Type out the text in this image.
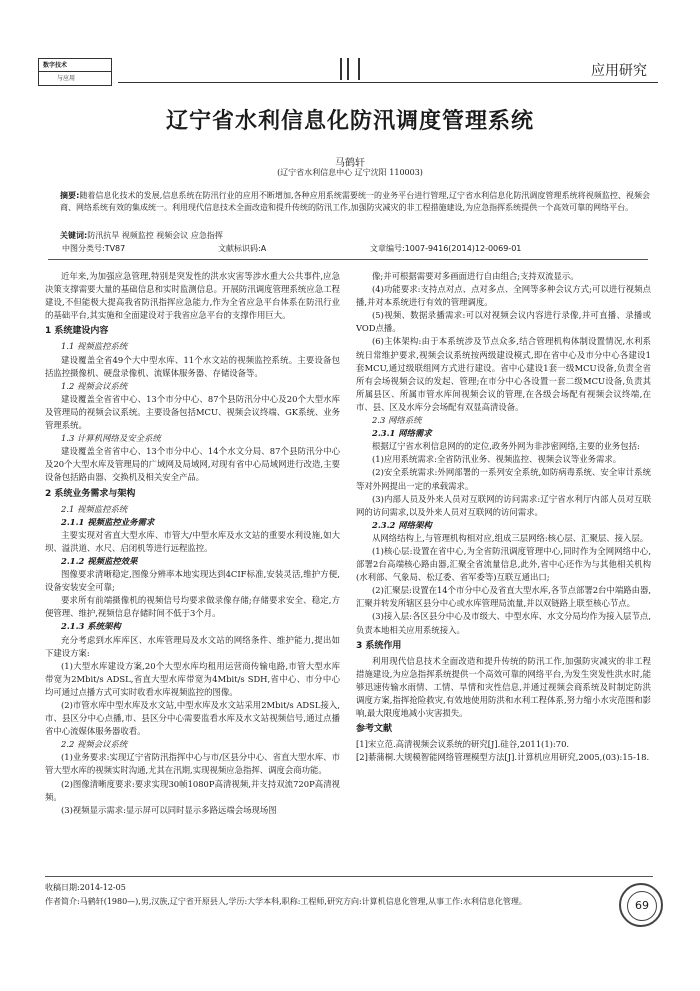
数字技术
与应用	应用研究
辽宁省水利信息化防汛调度管理系统
马鹤轩
(辽宁省水利信息中心 辽宁沈阳 110003)
摘要:随着信息化技术的发展,信息系统在防汛行业的应用不断增加,各种应用系统需要统一的业务平台进行管理,辽宁省水利信息化防汛调度管理系统将视频监控、视频会商、网络系统有效的集成统一。利用现代信息技术全面改造和提升传统的防汛工作,加强防灾减灾的非工程措施建设,为应急指挥系统提供一个高效可靠的网络平台。
关键词:防汛抗旱 视频监控 视频会议 应急指挥
中图分类号:TV87	文献标识码:A	文章编号:1007-9416(2014)12-0069-01

近年来,为加强应急管理,特别是突发性的洪水灾害等涉水重大公共事件,应急决策支撑需要大量的基础信息和实时监测信息。开展防汛调度管理系统应急工程建设,不但能极大提高我省防汛指挥应急能力,作为全省应急平台体系在防汛行业的基础平台,其实施和全面建设对于我省应急平台的支撑作用巨大。

1 系统建设内容

1.1 视频监控系统

建设覆盖全省49个大中型水库、11个水文站的视频监控系统。主要设备包括监控摄像机、硬盘录像机、流媒体服务器、存储设备等。

1.2 视频会议系统

建设覆盖全省省中心、13个市分中心、87个县防汛分中心及20个大型水库及管理局的视频会议系统。主要设备包括MCU、视频会议终端、GK系统、业务管理系统。

1.3 计算机网络及安全系统

建设覆盖全省省中心、13个市分中心、14个水文分局、87个县防汛分中心及20个大型水库及管理局的广域网及局域网,对现有省中心局域网进行改造,主要设备包括路由器、交换机及相关安全产品。

2 系统业务需求与架构

2.1 视频监控系统

2.1.1 视频监控业务需求

主要实现对省直大型水库、市管大/中型水库及水文站的重要水利设施,如大坝、溢洪道、水尺、启闭机等进行远程监控。

2.1.2 视频监控效果

图像要求清晰稳定,图像分辨率本地实现达到4CIF标准,安装灵活,维护方便,设备安装安全可靠;

要求所有前端摄像机的视频信号均要求做录像存储;存储要求安全、稳定,方便管理、维护,视频信息存储时间不低于3个月。

2.1.3 系统架构

充分考虑到水库库区、水库管理局及水文站的网络条件、维护能力,提出如下建设方案:

(1)大型水库建设方案,20个大型水库均租用运营商传输电路,市管大型水库带宽为2Mbit/s ADSL,省直大型水库带宽为4Mbit/s SDH,省中心、市分中心均可通过点播方式可实时收看水库视频监控的图像。

(2)市管水库中型水库及水文站,中型水库及水文站采用2Mbit/s ADSL接入,市、县区分中心点播,市、县区分中心需要监看水库及水文站视频信号,通过点播省中心流媒体服务器收看。

2.2 视频会议系统

(1)业务要求:实现辽宁省防汛指挥中心与市/区县分中心、省直大型水库、市管大型水库的视频实时沟通,尤其在汛期,实现视频应急指挥、调度会商功能。

(2)图像清晰度要求:要求实现30帧1080P高清视频,并支持双流720P高清视频。

(3)视频显示需求:显示屏可以同时显示多路远端会场现场图

像;并可根据需要对多画面进行自由组合;支持双流显示。

(4)功能要求:支持点对点、点对多点、全网等多种会议方式;可以进行视频点播,并对本系统进行有效的管理调度。

(5)视频、数据录播需求:可以对视频会议内容进行录像,并可直播、录播或VOD点播。

(6)主体架构:由于本系统涉及节点众多,结合管理机构体制设置情况,水利系统日常维护要求,视频会议系统按两级建设模式,即在省中心及市分中心各建设1套MCU,通过级联组网方式进行建设。省中心建设1套一级MCU设备,负责全省所有会场视频会议的发起、管理;在市分中心各设置一套二级MCU设备,负责其所属县区、所属市管水库间视频会议的管理,在各级会场配有视频会议终端,在市、县、区及水库分会场配有双显高清设备。

2.3 网络系统

2.3.1 网络需求

根据辽宁省水利信息网的的定位,政务外网为非涉密网络,主要的业务包括:

(1)应用系统需求:全省防汛业务、视频监控、视频会议等业务需求。

(2)安全系统需求:外网部署的一系列安全系统,如防病毒系统、安全审计系统等对外网提出一定的承载需求。

(3)内部人员及外来人员对互联网的访问需求:辽宁省水利厅内部人员对互联网的访问需求,以及外来人员对互联网的访问需求。

2.3.2 网络架构

从网络结构上,与管理机构相对应,组成三层网络:核心层、汇聚层、接入层。

(1)核心层:设置在省中心,为全省防汛调度管理中心,同时作为全网网络中心,部署2台高端核心路由器,汇聚全省流量信息,此外,省中心还作为与其他相关机构(水利部、气象局、松辽委、省军委等)互联互通出口;

(2)汇聚层:设置在14个市分中心及省直大型水库,各节点部署2台中端路由器,汇聚并转发所辖区县分中心或水库管理局流量,并以双链路上联至核心节点。

(3)接入层:各区县分中心及市级大、中型水库、水文分局均作为接入层节点,负责本地相关应用系统接入。

3 系统作用

利用现代信息技术全面改造和提升传统的防汛工作,加强防灾减灾的非工程措施建设,为应急指挥系统提供一个高效可靠的网络平台,为发生突发性洪水时,能够迅速传输水雨情、工情、旱情和灾性信息,并通过视频会商系统及时制定防洪调度方案,指挥抢险救灾,有效地使用防洪和水利工程体系,努力缩小水灾范围和影响,最大限度地减小灾害损失。

参考文献

[1]宋立范.高清视频会议系统的研究[J].硅谷,2011(1):70.

[2]綦蒲桐.大规模智能网络管理模型方法[J].计算机应用研究,2005,(03):15-18.

收稿日期:2014-12-05
作者简介:马鹤轩(1980—),男,汉族,辽宁省开原县人,学历:大学本科,职称:工程师,研究方向:计算机信息化管理,从事工作:水利信息化管理。	69
